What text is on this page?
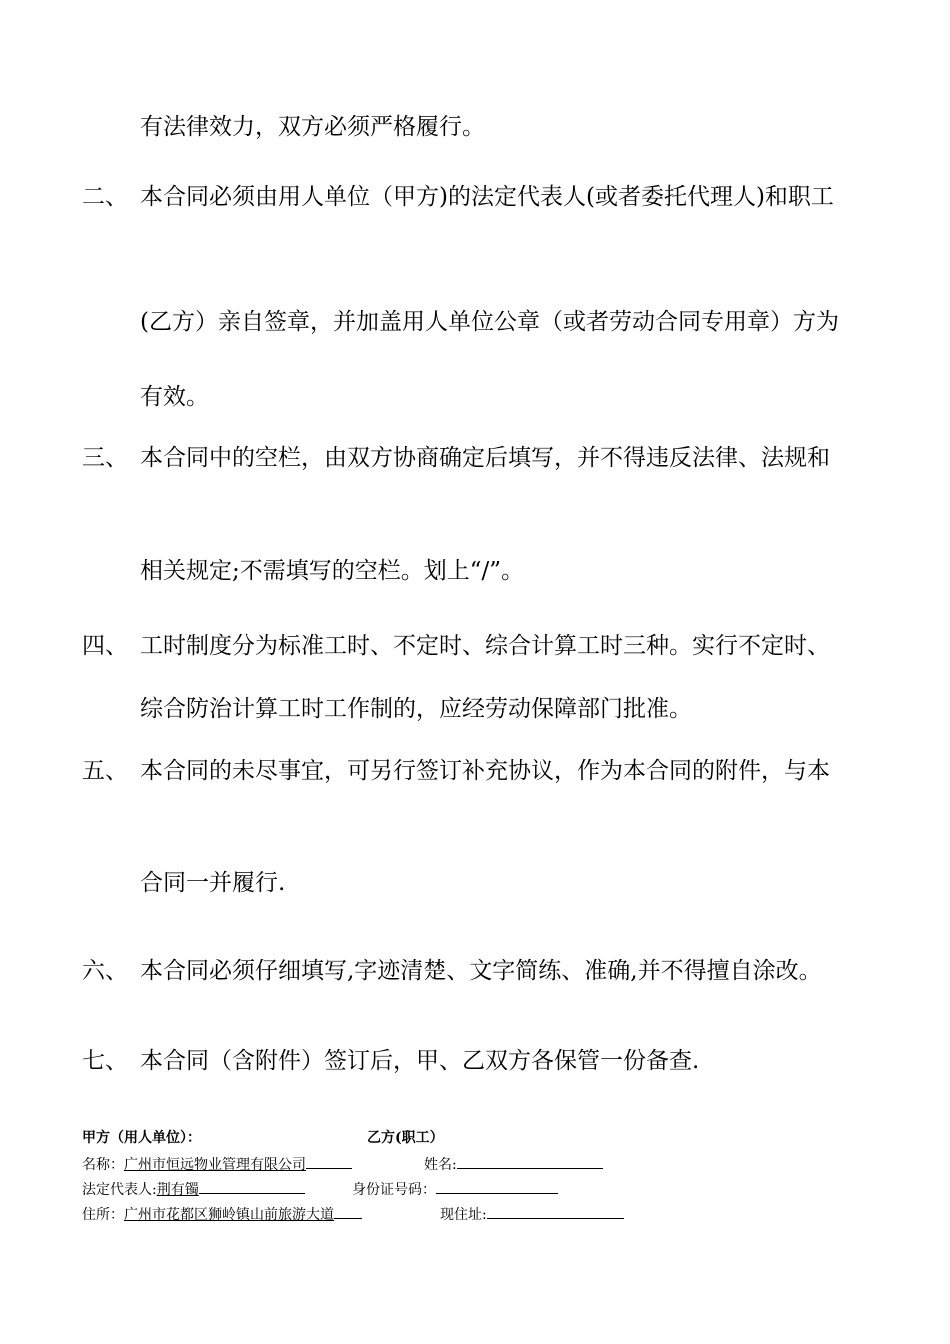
有法律效力，双方必须严格履行。
二、 本合同必须由用人单位（甲方)的法定代表人(或者委托代理人)和职工
(乙方）亲自签章，并加盖用人单位公章（或者劳动合同专用章）方为
有效。
三、 本合同中的空栏，由双方协商确定后填写，并不得违反法律、法规和
相关规定;不需填写的空栏。划上“/”。
四、 工时制度分为标准工时、不定时、综合计算工时三种。实行不定时、
综合防治计算工时工作制的，应经劳动保障部门批准。
五、 本合同的未尽事宜，可另行签订补充协议，作为本合同的附件，与本
合同一并履行.
六、 本合同必须仔细填写,字迹清楚、文字简练、准确,并不得擅自涂改。
七、 本合同（含附件）签订后，甲、乙双方各保管一份备查.
甲方（用人单位）：	乙方(职工）
名称：广州市恒远物业管理有限公司	姓名:
法定代表人:荆有镯	身份证号码：
住所：广州市花都区狮岭镇山前旅游大道	现住址:
